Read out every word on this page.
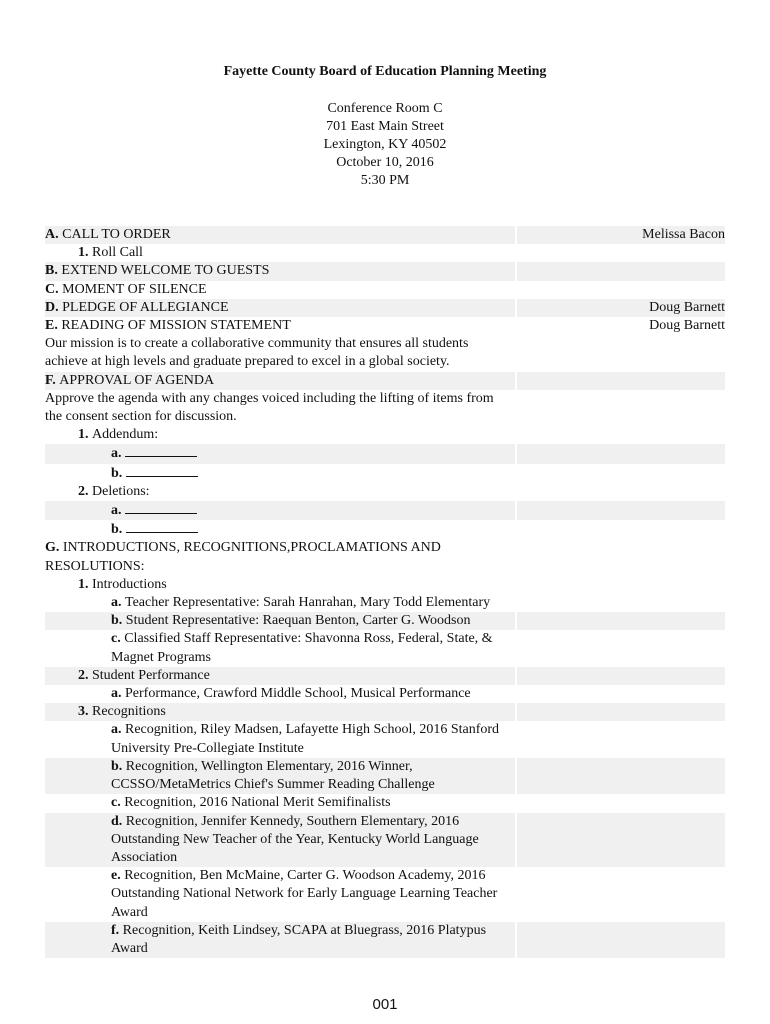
Fayette County Board of Education Planning Meeting
Conference Room C
701 East Main Street
Lexington, KY 40502
October 10, 2016
5:30 PM
A. CALL TO ORDER	Melissa Bacon
1. Roll Call
B. EXTEND WELCOME TO GUESTS
C. MOMENT OF SILENCE
D. PLEDGE OF ALLEGIANCE	Doug Barnett
E. READING OF MISSION STATEMENT	Doug Barnett
Our mission is to create a collaborative community that ensures all students achieve at high levels and graduate prepared to excel in a global society.
F. APPROVAL OF AGENDA
Approve the agenda with any changes voiced including the lifting of items from the consent section for discussion.
1. Addendum:
a.
b.
2. Deletions:
a.
b.
G. INTRODUCTIONS, RECOGNITIONS,PROCLAMATIONS AND RESOLUTIONS:
1. Introductions
a. Teacher Representative: Sarah Hanrahan, Mary Todd Elementary
b. Student Representative: Raequan Benton, Carter G. Woodson
c. Classified Staff Representative: Shavonna Ross, Federal, State, & Magnet Programs
2. Student Performance
a. Performance, Crawford Middle School, Musical Performance
3. Recognitions
a. Recognition, Riley Madsen, Lafayette High School, 2016 Stanford University Pre-Collegiate Institute
b. Recognition, Wellington Elementary, 2016 Winner, CCSSO/MetaMetrics Chief's Summer Reading Challenge
c. Recognition, 2016 National Merit Semifinalists
d. Recognition, Jennifer Kennedy, Southern Elementary, 2016 Outstanding New Teacher of the Year, Kentucky World Language Association
e. Recognition, Ben McMaine, Carter G. Woodson Academy, 2016 Outstanding National Network for Early Language Learning Teacher Award
f. Recognition, Keith Lindsey, SCAPA at Bluegrass, 2016 Platypus Award
001
